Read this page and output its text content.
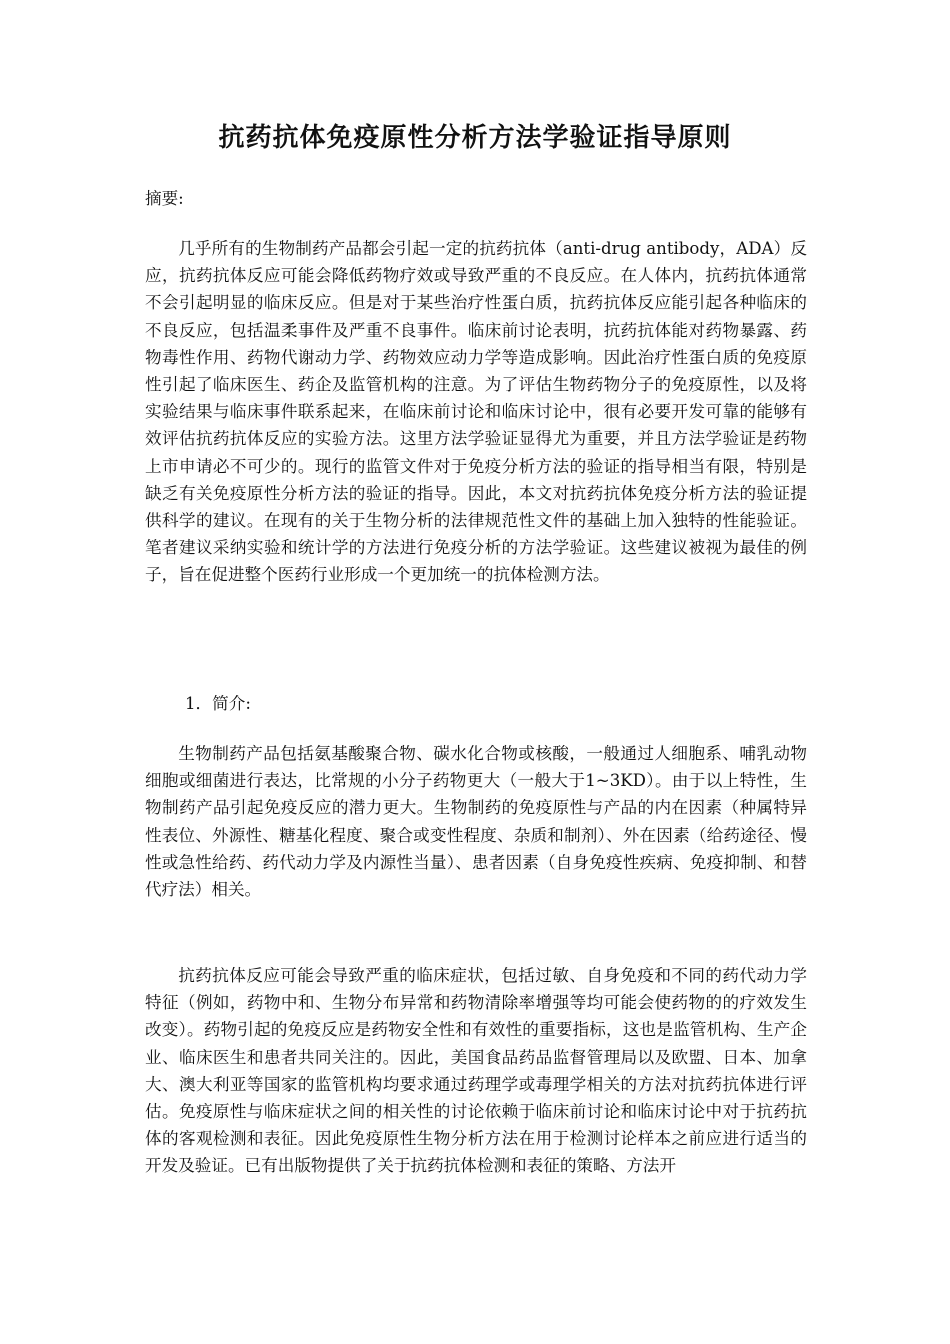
抗药抗体免疫原性分析方法学验证指导原则

摘要:

几乎所有的生物制药产品都会引起一定的抗药抗体（anti-drug antibody，ADA）反应，抗药抗体反应可能会降低药物疗效或导致严重的不良反应。在人体内，抗药抗体通常不会引起明显的临床反应。但是对于某些治疗性蛋白质，抗药抗体反应能引起各种临床的不良反应，包括温柔事件及严重不良事件。临床前讨论表明，抗药抗体能对药物暴露、药物毒性作用、药物代谢动力学、药物效应动力学等造成影响。因此治疗性蛋白质的免疫原性引起了临床医生、药企及监管机构的注意。为了评估生物药物分子的免疫原性，以及将实验结果与临床事件联系起来，在临床前讨论和临床讨论中，很有必要开发可靠的能够有效评估抗药抗体反应的实验方法。这里方法学验证显得尤为重要，并且方法学验证是药物上市申请必不可少的。现行的监管文件对于免疫分析方法的验证的指导相当有限，特别是缺乏有关免疫原性分析方法的验证的指导。因此，本文对抗药抗体免疫分析方法的验证提供科学的建议。在现有的关于生物分析的法律规范性文件的基础上加入独特的性能验证。笔者建议采纳实验和统计学的方法进行免疫分析的方法学验证。这些建议被视为最佳的例子，旨在促进整个医药行业形成一个更加统一的抗体检测方法。

1．简介:

生物制药产品包括氨基酸聚合物、碳水化合物或核酸，一般通过人细胞系、哺乳动物细胞或细菌进行表达，比常规的小分子药物更大（一般大于1~3KD）。由于以上特性，生物制药产品引起免疫反应的潜力更大。生物制药的免疫原性与产品的内在因素（种属特异性表位、外源性、糖基化程度、聚合或变性程度、杂质和制剂）、外在因素（给药途径、慢性或急性给药、药代动力学及内源性当量）、患者因素（自身免疫性疾病、免疫抑制、和替代疗法）相关。

抗药抗体反应可能会导致严重的临床症状，包括过敏、自身免疫和不同的药代动力学特征（例如，药物中和、生物分布异常和药物清除率增强等均可能会使药物的的疗效发生改变）。药物引起的免疫反应是药物安全性和有效性的重要指标，这也是监管机构、生产企业、临床医生和患者共同关注的。因此，美国食品药品监督管理局以及欧盟、日本、加拿大、澳大利亚等国家的监管机构均要求通过药理学或毒理学相关的方法对抗药抗体进行评估。免疫原性与临床症状之间的相关性的讨论依赖于临床前讨论和临床讨论中对于抗药抗体的客观检测和表征。因此免疫原性生物分析方法在用于检测讨论样本之前应进行适当的开发及验证。已有出版物提供了关于抗药抗体检测和表征的策略、方法开
